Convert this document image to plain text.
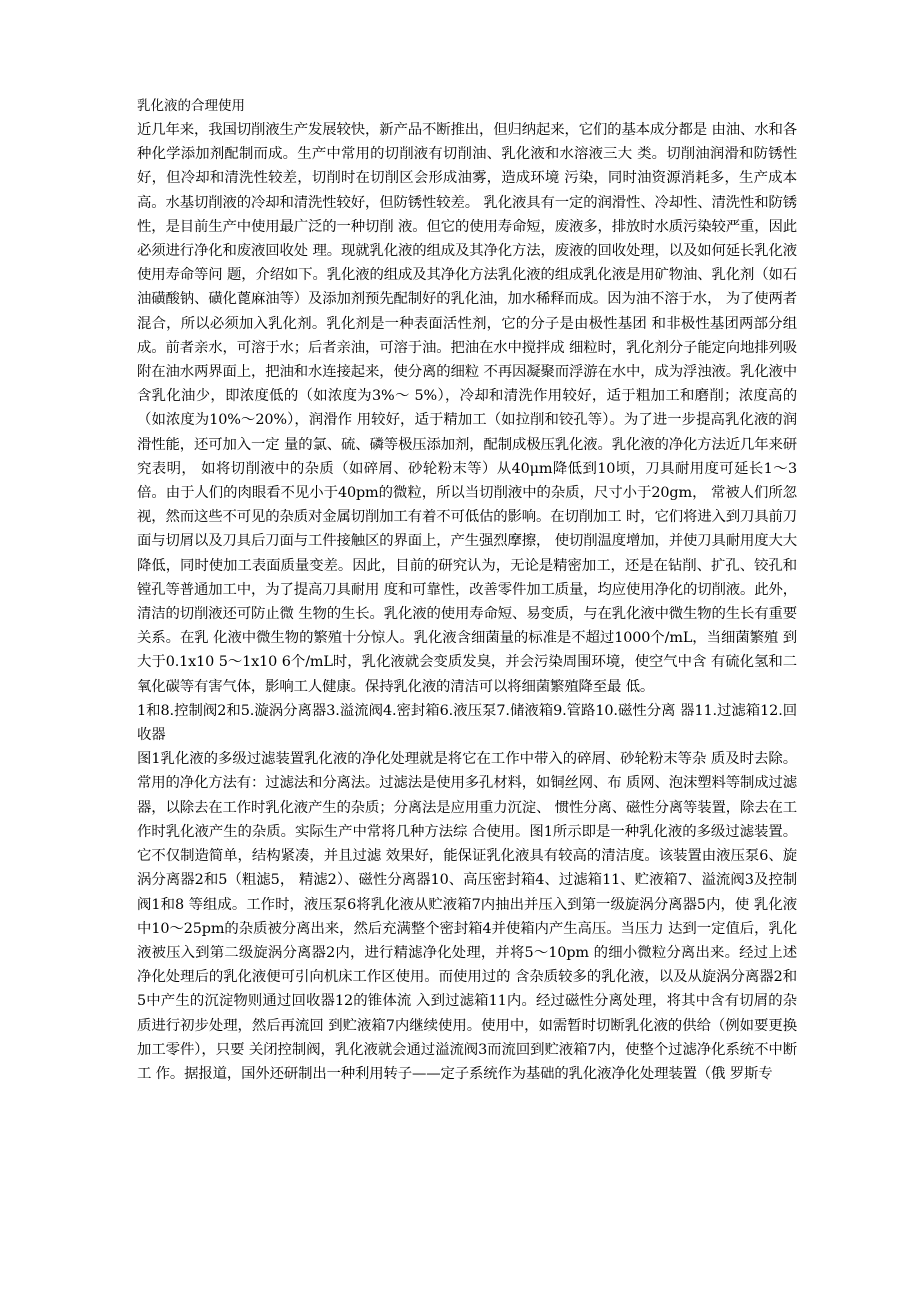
乳化液的合理使用

近几年来，我国切削液生产发展较快，新产品不断推出，但归纳起来，它们的基本成分都是 由油、水和各种化学添加剂配制而成。生产中常用的切削液有切削油、乳化液和水溶液三大 类。切削油润滑和防锈性好，但冷却和清洗性较差，切削时在切削区会形成油雾，造成环境 污染，同时油资源消耗多，生产成本高。水基切削液的冷却和清洗性较好，但防锈性较差。 乳化液具有一定的润滑性、冷却性、清洗性和防锈性，是目前生产中使用最广泛的一种切削 液。但它的使用寿命短，废液多，排放时水质污染较严重，因此必须进行净化和废液回收处 理。现就乳化液的组成及其净化方法，废液的回收处理，以及如何延长乳化液使用寿命等问 题，介绍如下。乳化液的组成及其净化方法乳化液的组成乳化液是用矿物油、乳化剂（如石 油磺酸钠、磺化蓖麻油等）及添加剂预先配制好的乳化油，加水稀释而成。因为油不溶于水， 为了使两者混合，所以必须加入乳化剂。乳化剂是一种表面活性剂，它的分子是由极性基团 和非极性基团两部分组成。前者亲水，可溶于水；后者亲油，可溶于油。把油在水中搅拌成 细粒时，乳化剂分子能定向地排列吸附在油水两界面上，把油和水连接起来，使分离的细粒 不再因凝聚而浮游在水中，成为浮浊液。乳化液中含乳化油少，即浓度低的（如浓度为3%〜 5%），冷却和清洗作用较好，适于粗加工和磨削；浓度高的（如浓度为10%〜20%），润滑作 用较好，适于精加工（如拉削和铰孔等）。为了进一步提高乳化液的润滑性能，还可加入一定 量的氯、硫、磷等极压添加剂，配制成极压乳化液。乳化液的净化方法近几年来研究表明， 如将切削液中的杂质（如碎屑、砂轮粉末等）从40μm降低到10顷，刀具耐用度可延长1〜3 倍。由于人们的肉眼看不见小于40pm的微粒，所以当切削液中的杂质，尺寸小于20gm， 常被人们所忽视，然而这些不可见的杂质对金属切削加工有着不可低估的影响。在切削加工 时，它们将进入到刀具前刀面与切屑以及刀具后刀面与工件接触区的界面上，产生强烈摩擦， 使切削温度增加，并使刀具耐用度大大降低，同时使加工表面质量变差。因此，目前的研究认为，无论是精密加工，还是在钻削、扩孔、铰孔和镗孔等普通加工中，为了提高刀具耐用 度和可靠性，改善零件加工质量，均应使用净化的切削液。此外，清洁的切削液还可防止微 生物的生长。乳化液的使用寿命短、易变质，与在乳化液中微生物的生长有重要关系。在乳 化液中微生物的繁殖十分惊人。乳化液含细菌量的标准是不超过1000个/mL，当细菌繁殖 到大于0.1x10 5〜1x10 6个/mL时，乳化液就会变质发臭，并会污染周围环境，使空气中含 有硫化氢和二氧化碳等有害气体，影响工人健康。保持乳化液的清洁可以将细菌繁殖降至最 低。

1和8.控制阀2和5.漩涡分离器3.溢流阀4.密封箱6.液压泵7.储液箱9.管路10.磁性分离 器11.过滤箱12.回收器

图1乳化液的多级过滤装置乳化液的净化处理就是将它在工作中带入的碎屑、砂轮粉末等杂 质及时去除。常用的净化方法有：过滤法和分离法。过滤法是使用多孔材料，如铜丝网、布 质网、泡沫塑料等制成过滤器，以除去在工作时乳化液产生的杂质；分离法是应用重力沉淀、 惯性分离、磁性分离等装置，除去在工作时乳化液产生的杂质。实际生产中常将几种方法综 合使用。图1所示即是一种乳化液的多级过滤装置。它不仅制造简单，结构紧凑，并且过滤 效果好，能保证乳化液具有较高的清洁度。该装置由液压泵6、旋涡分离器2和5（粗滤5， 精滤2）、磁性分离器10、高压密封箱4、过滤箱11、贮液箱7、溢流阀3及控制阀1和8 等组成。工作时，液压泵6将乳化液从贮液箱7内抽出并压入到第一级旋涡分离器5内，使 乳化液中10〜25pm的杂质被分离出来，然后充满整个密封箱4并使箱内产生高压。当压力 达到一定值后，乳化液被压入到第二级旋涡分离器2内，进行精滤净化处理，并将5〜10pm 的细小微粒分离出来。经过上述净化处理后的乳化液便可引向机床工作区使用。而使用过的 含杂质较多的乳化液，以及从旋涡分离器2和5中产生的沉淀物则通过回收器12的锥体流 入到过滤箱11内。经过磁性分离处理，将其中含有切屑的杂质进行初步处理，然后再流回 到贮液箱7内继续使用。使用中，如需暂时切断乳化液的供给（例如要更换加工零件），只要 关闭控制阀，乳化液就会通过溢流阀3而流回到贮液箱7内，使整个过滤净化系统不中断工 作。据报道，国外还研制出一种利用转子——定子系统作为基础的乳化液净化处理装置（俄 罗斯专
